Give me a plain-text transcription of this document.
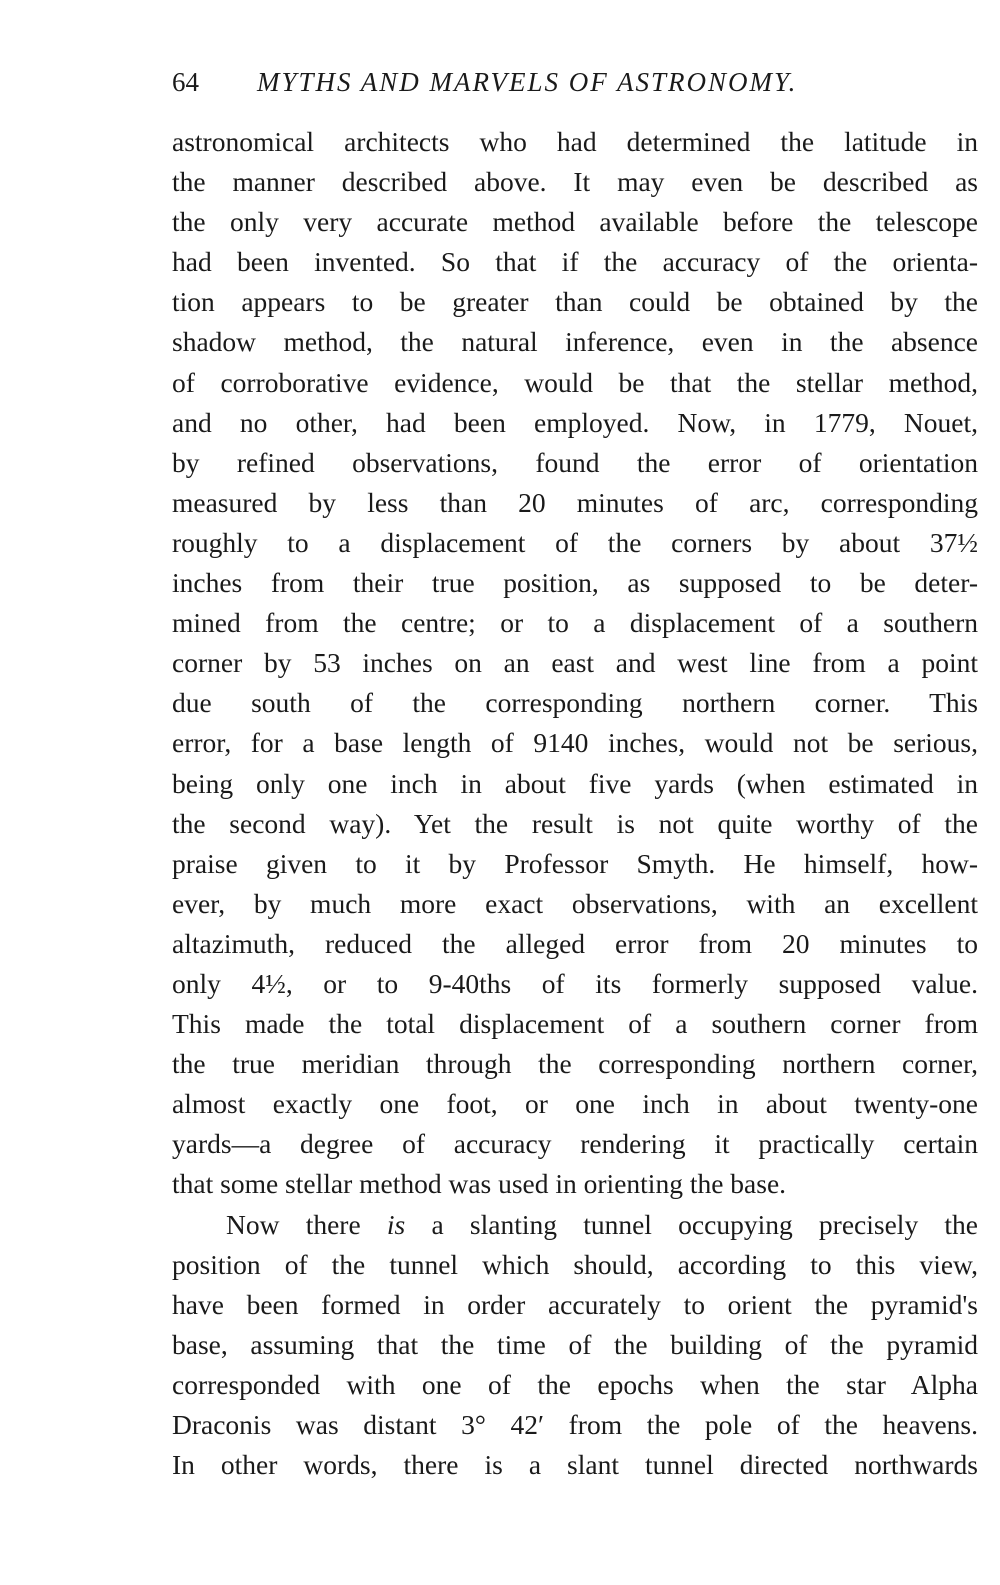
64 MYTHS AND MARVELS OF ASTRONOMY.
astronomical architects who had determined the latitude in
the manner described above. It may even be described as
the only very accurate method available before the telescope
had been invented. So that if the accuracy of the orienta-
tion appears to be greater than could be obtained by the
shadow method, the natural inference, even in the absence
of corroborative evidence, would be that the stellar method,
and no other, had been employed. Now, in 1779, Nouet,
by refined observations, found the error of orientation
measured by less than 20 minutes of arc, corresponding
roughly to a displacement of the corners by about 37½
inches from their true position, as supposed to be deter-
mined from the centre; or to a displacement of a southern
corner by 53 inches on an east and west line from a point
due south of the corresponding northern corner. This
error, for a base length of 9140 inches, would not be serious,
being only one inch in about five yards (when estimated in
the second way). Yet the result is not quite worthy of the
praise given to it by Professor Smyth. He himself, how-
ever, by much more exact observations, with an excellent
altazimuth, reduced the alleged error from 20 minutes to
only 4½, or to 9-40ths of its formerly supposed value.
This made the total displacement of a southern corner from
the true meridian through the corresponding northern corner,
almost exactly one foot, or one inch in about twenty-one
yards—a degree of accuracy rendering it practically certain
that some stellar method was used in orienting the base.
Now there is a slanting tunnel occupying precisely the
position of the tunnel which should, according to this view,
have been formed in order accurately to orient the pyramid's
base, assuming that the time of the building of the pyramid
corresponded with one of the epochs when the star Alpha
Draconis was distant 3° 42′ from the pole of the heavens.
In other words, there is a slant tunnel directed northwards
